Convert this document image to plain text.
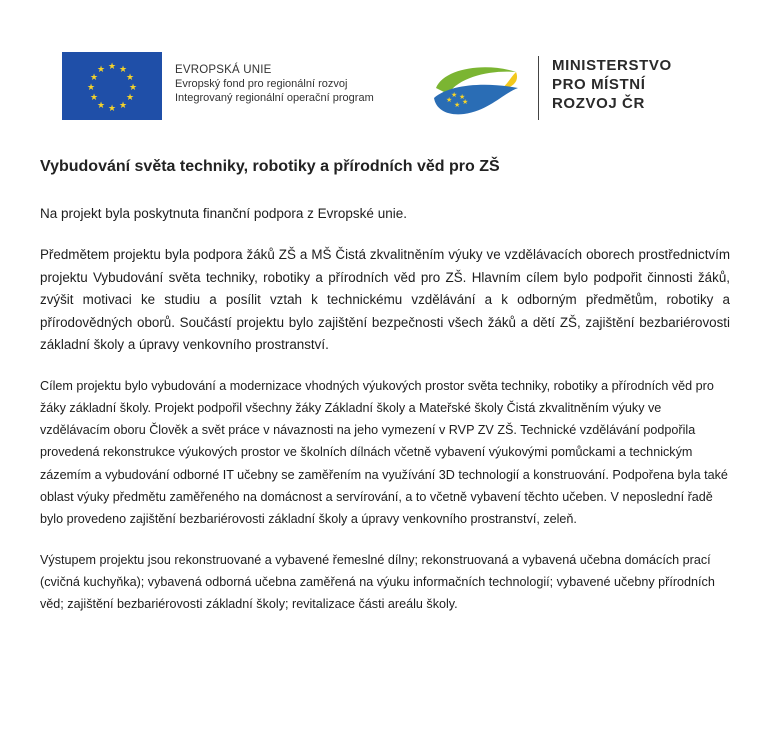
★ ★
★
★
★
★
★
★
★
★
★
★	EVROPSKÁ UNIE
Evropský fond pro regionální rozvoj
Integrovaný regionální operační program	★
★ ★
★ ★
MINISTERSTVO
PRO MÍSTNÍ
ROZVOJ ČR
Vybudování světa techniky, robotiky a přírodních věd pro ZŠ

Na projekt byla poskytnuta finanční podpora z Evropské unie.

Předmětem projektu byla podpora žáků ZŠ a MŠ Čistá zkvalitněním výuky ve vzdělávacích oborech prostřednictvím projektu Vybudování světa techniky, robotiky a přírodních věd pro ZŠ. Hlavním cílem bylo podpořit činnosti žáků, zvýšit motivaci ke studiu a posílit vztah k technickému vzdělávání a k odborným předmětům, robotiky a přírodovědných oborů. Součástí projektu bylo zajištění bezpečnosti všech žáků a dětí ZŠ, zajištění bezbariérovosti základní školy a úpravy venkovního prostranství.

Cílem projektu bylo vybudování a modernizace vhodných výukových prostor světa techniky, robotiky a přírodních věd pro žáky základní školy. Projekt podpořil všechny žáky Základní školy a Mateřské školy Čistá zkvalitněním výuky ve vzdělávacím oboru Člověk a svět práce v návaznosti na jeho vymezení v RVP ZV ZŠ. Technické vzdělávání podpořila provedená rekonstrukce výukových prostor ve školních dílnách včetně vybavení výukovými pomůckami a technickým zázemím a vybudování odborné IT učebny se zaměřením na využívání 3D technologií a konstruování. Podpořena byla také oblast výuky předmětu zaměřeného na domácnost a servírování, a to včetně vybavení těchto učeben. V neposlední řadě bylo provedeno zajištění bezbariérovosti základní školy a úpravy venkovního prostranství, zeleň.

Výstupem projektu jsou rekonstruované a vybavené řemeslné dílny; rekonstruovaná a vybavená učebna domácích prací (cvičná kuchyňka); vybavená odborná učebna zaměřená na výuku informačních technologií; vybavené učebny přírodních věd; zajištění bezbariérovosti základní školy; revitalizace části areálu školy.
